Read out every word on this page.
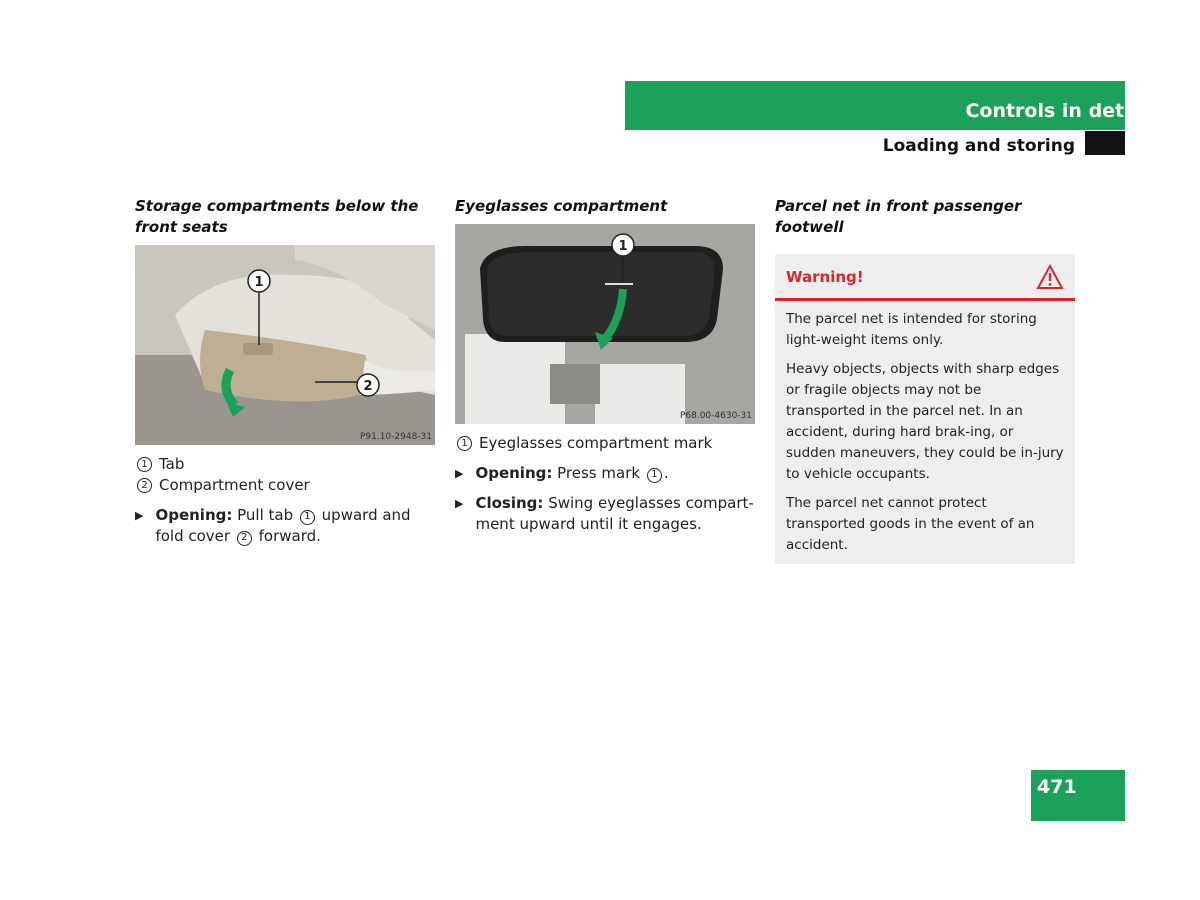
Controls in detail
Loading and storing
Storage compartments below the front seats
1
2
P91.10-2948-31
1 Tab
2 Compartment cover
▶ Opening: Pull tab 1 upward and fold cover 2 forward.
Eyeglasses compartment
1
P68.00-4630-31
1 Eyeglasses compartment mark
▶ Opening: Press mark 1 .
▶ Closing: Swing eyeglasses compart-ment upward until it engages.
Parcel net in front passenger footwell
Warning!

The parcel net is intended for storing light-weight items only.

Heavy objects, objects with sharp edges or fragile objects may not be transported in the parcel net. In an accident, during hard brak-ing, or sudden maneuvers, they could be in-jury to vehicle occupants.

The parcel net cannot protect transported goods in the event of an accident.

471
